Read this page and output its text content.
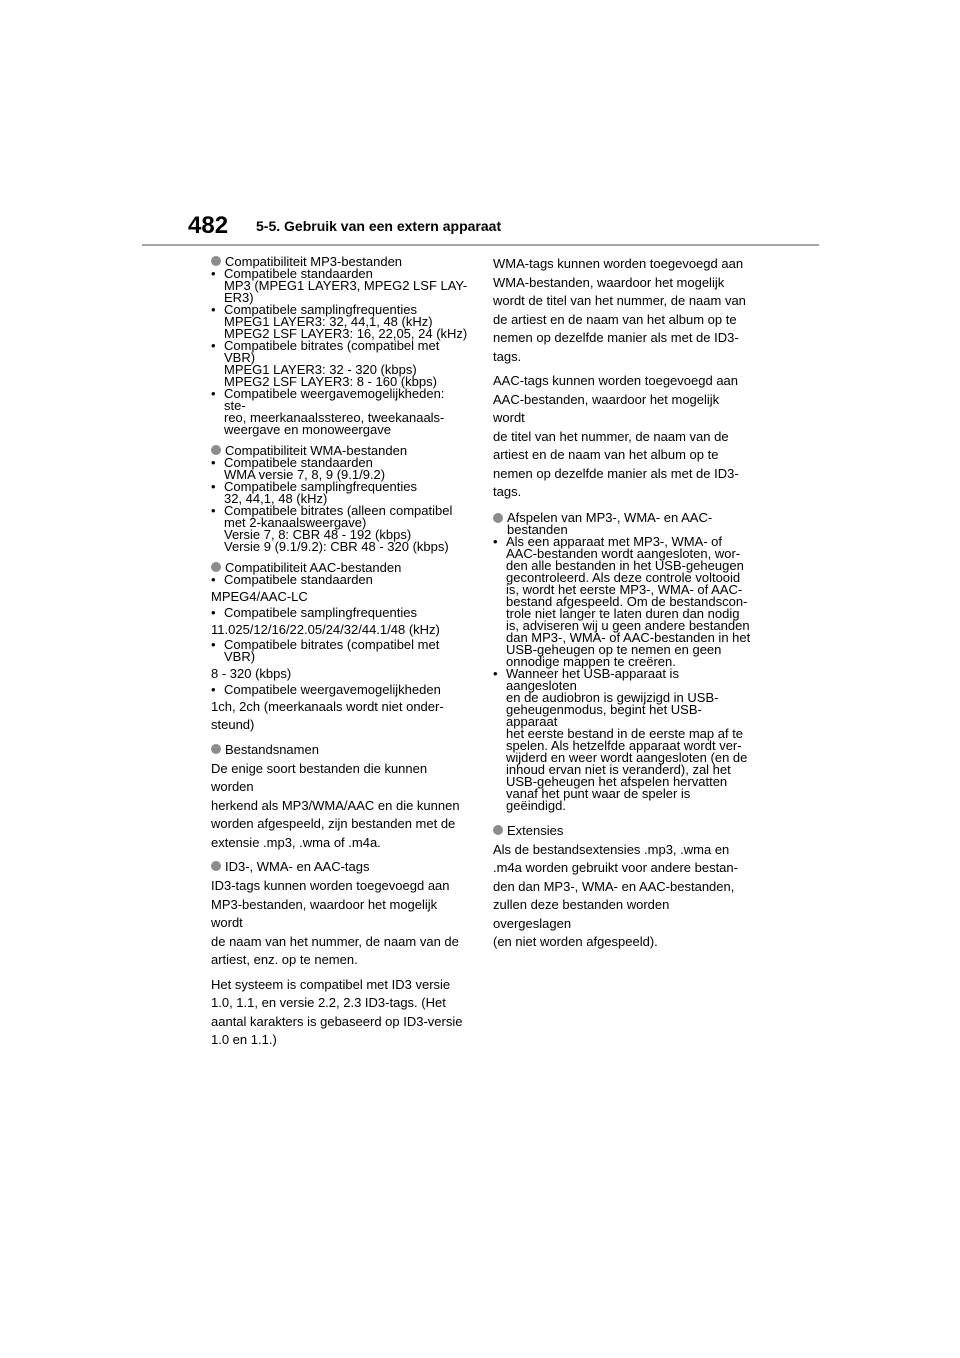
482 5-5. Gebruik van een extern apparaat
Compatibiliteit MP3-bestanden
• Compatibele standaarden
MP3 (MPEG1 LAYER3, MPEG2 LSF LAY-
ER3)
• Compatibele samplingfrequenties
MPEG1 LAYER3: 32, 44,1, 48 (kHz)
MPEG2 LSF LAYER3: 16, 22,05, 24 (kHz)
• Compatibele bitrates (compatibel met
VBR)
MPEG1 LAYER3: 32 - 320 (kbps)
MPEG2 LSF LAYER3: 8 - 160 (kbps)
• Compatibele weergavemogelijkheden: ste-
reo, meerkanaalsstereo, tweekanaals-
weergave en monoweergave
Compatibiliteit WMA-bestanden
• Compatibele standaarden
WMA versie 7, 8, 9 (9.1/9.2)
• Compatibele samplingfrequenties
32, 44,1, 48 (kHz)
• Compatibele bitrates (alleen compatibel
met 2-kanaalsweergave)
Versie 7, 8: CBR 48 - 192 (kbps)
Versie 9 (9.1/9.2): CBR 48 - 320 (kbps)
Compatibiliteit AAC-bestanden
• Compatibele standaarden
MPEG4/AAC-LC
• Compatibele samplingfrequenties
11.025/12/16/22.05/24/32/44.1/48 (kHz)
• Compatibele bitrates (compatibel met
VBR)
8 - 320 (kbps)
• Compatibele weergavemogelijkheden
1ch, 2ch (meerkanaals wordt niet onder-
steund)
Bestandsnamen
De enige soort bestanden die kunnen worden
herkend als MP3/WMA/AAC en die kunnen
worden afgespeeld, zijn bestanden met de
extensie .mp3, .wma of .m4a.
ID3-, WMA- en AAC-tags
ID3-tags kunnen worden toegevoegd aan
MP3-bestanden, waardoor het mogelijk wordt
de naam van het nummer, de naam van de
artiest, enz. op te nemen.
Het systeem is compatibel met ID3 versie
1.0, 1.1, en versie 2.2, 2.3 ID3-tags. (Het
aantal karakters is gebaseerd op ID3-versie
1.0 en 1.1.)
WMA-tags kunnen worden toegevoegd aan
WMA-bestanden, waardoor het mogelijk
wordt de titel van het nummer, de naam van
de artiest en de naam van het album op te
nemen op dezelfde manier als met de ID3-
tags.
AAC-tags kunnen worden toegevoegd aan
AAC-bestanden, waardoor het mogelijk wordt
de titel van het nummer, de naam van de
artiest en de naam van het album op te
nemen op dezelfde manier als met de ID3-
tags.
Afspelen van MP3-, WMA- en AAC-
bestanden
• Als een apparaat met MP3-, WMA- of
AAC-bestanden wordt aangesloten, wor-
den alle bestanden in het USB-geheugen
gecontroleerd. Als deze controle voltooid
is, wordt het eerste MP3-, WMA- of AAC-
bestand afgespeeld. Om de bestandscon-
trole niet langer te laten duren dan nodig
is, adviseren wij u geen andere bestanden
dan MP3-, WMA- of AAC-bestanden in het
USB-geheugen op te nemen en geen
onnodige mappen te creëren.
• Wanneer het USB-apparaat is aangesloten
en de audiobron is gewijzigd in USB-
geheugenmodus, begint het USB-apparaat
het eerste bestand in de eerste map af te
spelen. Als hetzelfde apparaat wordt ver-
wijderd en weer wordt aangesloten (en de
inhoud ervan niet is veranderd), zal het
USB-geheugen het afspelen hervatten
vanaf het punt waar de speler is geëindigd.
Extensies
Als de bestandsextensies .mp3, .wma en
.m4a worden gebruikt voor andere bestan-
den dan MP3-, WMA- en AAC-bestanden,
zullen deze bestanden worden overgeslagen
(en niet worden afgespeeld).
